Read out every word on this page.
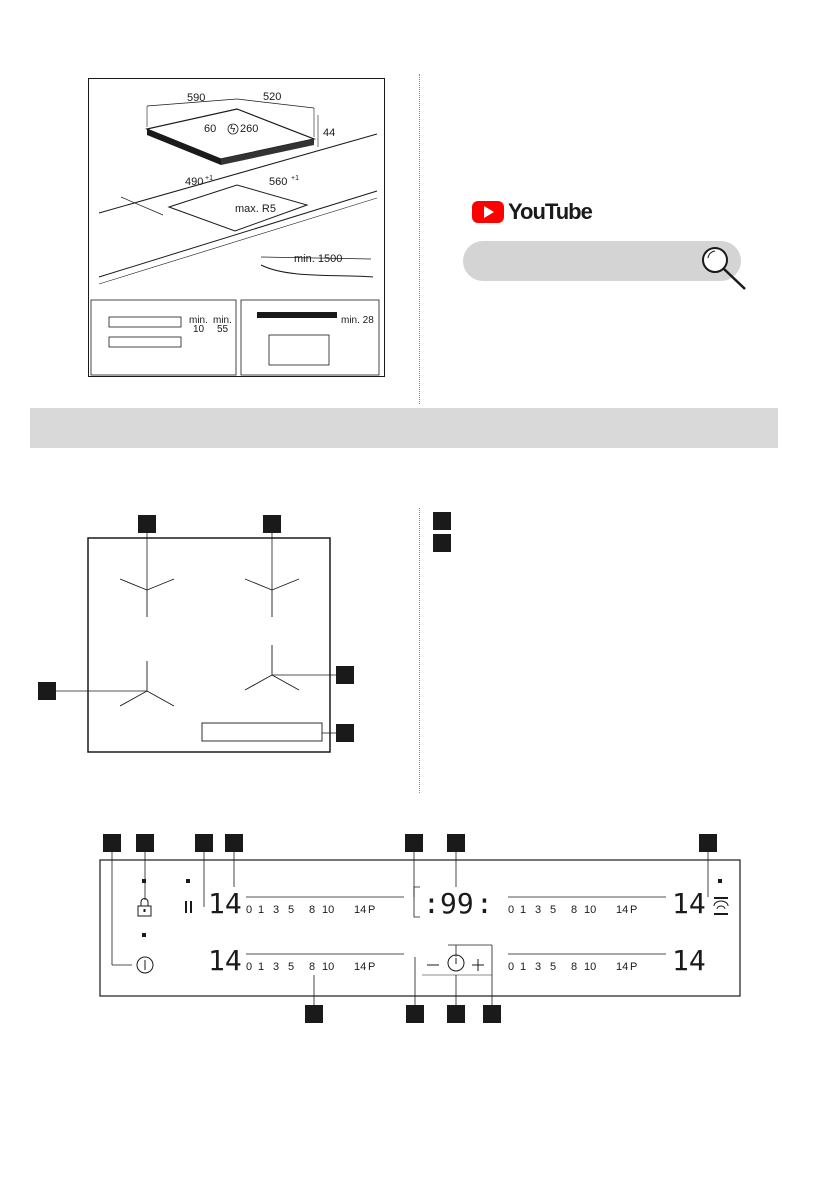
590	520
60 ϟ 260	44
490 +1	560 +1
max. R5
min. 1500
min. min.
10 55
min. 28
YouTube
14
14
14
14
: 99 :
0 1 3 5 8 10 14 P
0 1 3 5 8 10 14 P
0 1 3 5 8 10 14 P
0 1 3 5 8 10 14 P
